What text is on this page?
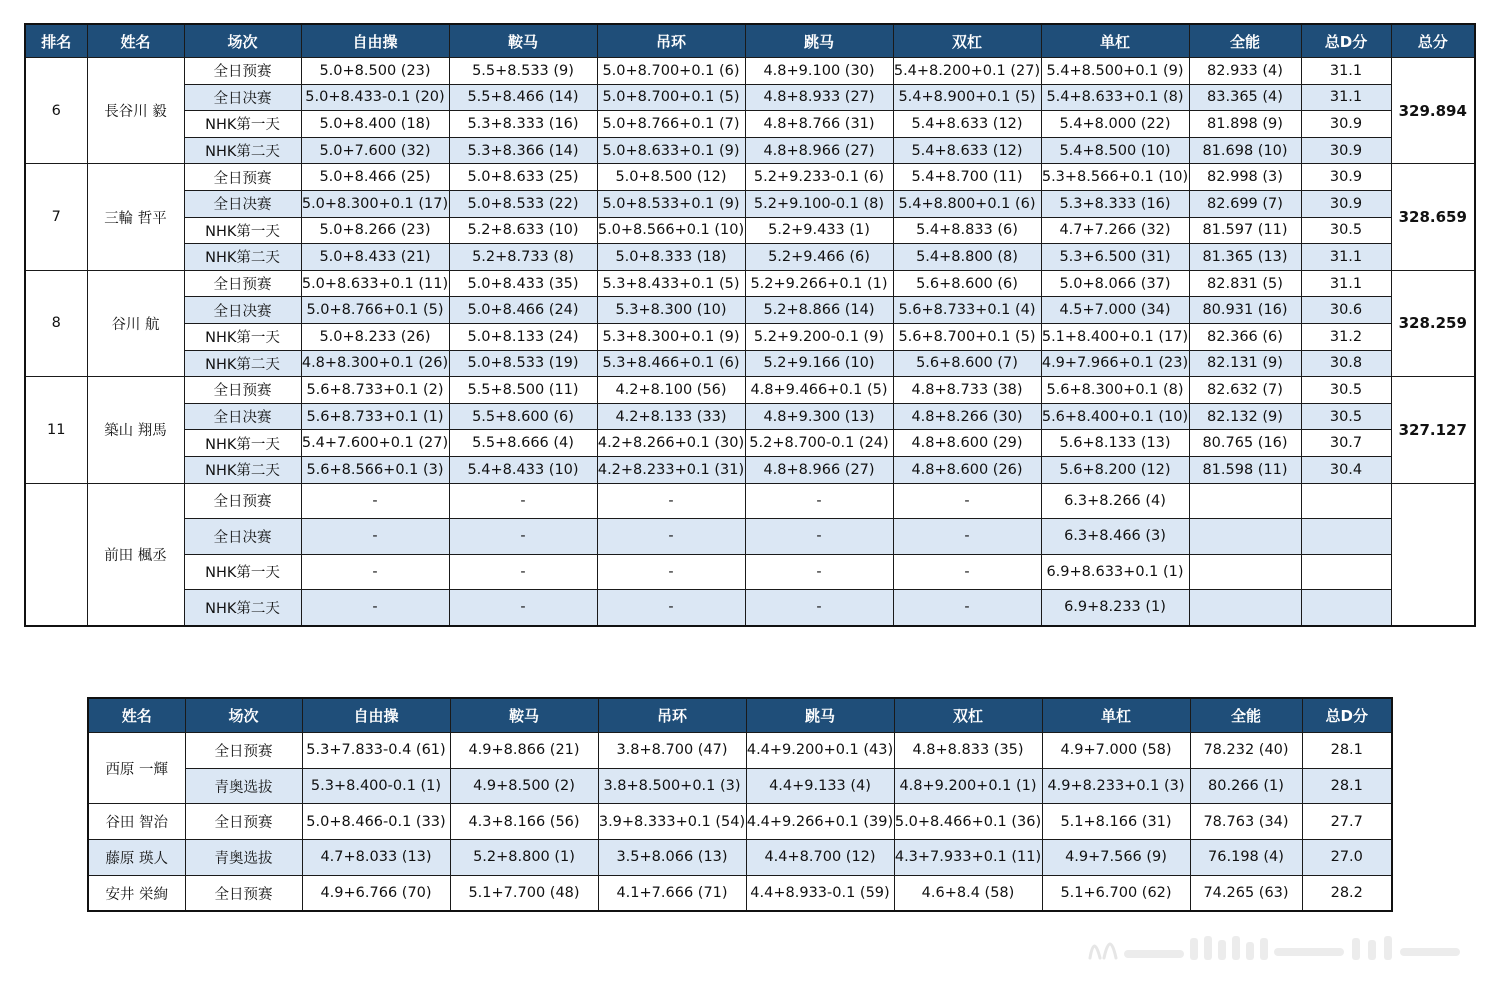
排名	姓名	场次	自由操	鞍马	吊环	跳马	双杠	单杠	全能	总D分	总分
6	長谷川 毅	全日预赛	5.0+8.500 (23)	5.5+8.533 (9)	5.0+8.700+0.1 (6)	4.8+9.100 (30)	5.4+8.200+0.1 (27)	5.4+8.500+0.1 (9)	82.933 (4)	31.1	329.894
		全日决赛	5.0+8.433-0.1 (20)	5.5+8.466 (14)	5.0+8.700+0.1 (5)	4.8+8.933 (27)	5.4+8.900+0.1 (5)	5.4+8.633+0.1 (8)	83.365 (4)	31.1	
		NHK第一天	5.0+8.400 (18)	5.3+8.333 (16)	5.0+8.766+0.1 (7)	4.8+8.766 (31)	5.4+8.633 (12)	5.4+8.000 (22)	81.898 (9)	30.9	
		NHK第二天	5.0+7.600 (32)	5.3+8.366 (14)	5.0+8.633+0.1 (9)	4.8+8.966 (27)	5.4+8.633 (12)	5.4+8.500 (10)	81.698 (10)	30.9	
7	三輪 哲平	全日预赛	5.0+8.466 (25)	5.0+8.633 (25)	5.0+8.500 (12)	5.2+9.233-0.1 (6)	5.4+8.700 (11)	5.3+8.566+0.1 (10)	82.998 (3)	30.9	328.659
		全日决赛	5.0+8.300+0.1 (17)	5.0+8.533 (22)	5.0+8.533+0.1 (9)	5.2+9.100-0.1 (8)	5.4+8.800+0.1 (6)	5.3+8.333 (16)	82.699 (7)	30.9	
		NHK第一天	5.0+8.266 (23)	5.2+8.633 (10)	5.0+8.566+0.1 (10)	5.2+9.433 (1)	5.4+8.833 (6)	4.7+7.266 (32)	81.597 (11)	30.5	
		NHK第二天	5.0+8.433 (21)	5.2+8.733 (8)	5.0+8.333 (18)	5.2+9.466 (6)	5.4+8.800 (8)	5.3+6.500 (31)	81.365 (13)	31.1	
8	谷川 航	全日预赛	5.0+8.633+0.1 (11)	5.0+8.433 (35)	5.3+8.433+0.1 (5)	5.2+9.266+0.1 (1)	5.6+8.600 (6)	5.0+8.066 (37)	82.831 (5)	31.1	328.259
		全日决赛	5.0+8.766+0.1 (5)	5.0+8.466 (24)	5.3+8.300 (10)	5.2+8.866 (14)	5.6+8.733+0.1 (4)	4.5+7.000 (34)	80.931 (16)	30.6	
		NHK第一天	5.0+8.233 (26)	5.0+8.133 (24)	5.3+8.300+0.1 (9)	5.2+9.200-0.1 (9)	5.6+8.700+0.1 (5)	5.1+8.400+0.1 (17)	82.366 (6)	31.2	
		NHK第二天	4.8+8.300+0.1 (26)	5.0+8.533 (19)	5.3+8.466+0.1 (6)	5.2+9.166 (10)	5.6+8.600 (7)	4.9+7.966+0.1 (23)	82.131 (9)	30.8	
11	築山 翔馬	全日预赛	5.6+8.733+0.1 (2)	5.5+8.500 (11)	4.2+8.100 (56)	4.8+9.466+0.1 (5)	4.8+8.733 (38)	5.6+8.300+0.1 (8)	82.632 (7)	30.5	327.127
		全日决赛	5.6+8.733+0.1 (1)	5.5+8.600 (6)	4.2+8.133 (33)	4.8+9.300 (13)	4.8+8.266 (30)	5.6+8.400+0.1 (10)	82.132 (9)	30.5	
		NHK第一天	5.4+7.600+0.1 (27)	5.5+8.666 (4)	4.2+8.266+0.1 (30)	5.2+8.700-0.1 (24)	4.8+8.600 (29)	5.6+8.133 (13)	80.765 (16)	30.7	
		NHK第二天	5.6+8.566+0.1 (3)	5.4+8.433 (10)	4.2+8.233+0.1 (31)	4.8+8.966 (27)	4.8+8.600 (26)	5.6+8.200 (12)	81.598 (11)	30.4	
	前田 楓丞	全日预赛	-	-	-	-	-	6.3+8.266 (4)			
		全日决赛	-	-	-	-	-	6.3+8.466 (3)			
		NHK第一天	-	-	-	-	-	6.9+8.633+0.1 (1)			
		NHK第二天	-	-	-	-	-	6.9+8.233 (1)			
姓名	场次	自由操	鞍马	吊环	跳马	双杠	单杠	全能	总D分
西原 一輝	全日预赛	5.3+7.833-0.4 (61)	4.9+8.866 (21)	3.8+8.700 (47)	4.4+9.200+0.1 (43)	4.8+8.833 (35)	4.9+7.000 (58)	78.232 (40)	28.1
	青奥选拔	5.3+8.400-0.1 (1)	4.9+8.500 (2)	3.8+8.500+0.1 (3)	4.4+9.133 (4)	4.8+9.200+0.1 (1)	4.9+8.233+0.1 (3)	80.266 (1)	28.1
谷田 智治	全日预赛	5.0+8.466-0.1 (33)	4.3+8.166 (56)	3.9+8.333+0.1 (54)	4.4+9.266+0.1 (39)	5.0+8.466+0.1 (36)	5.1+8.166 (31)	78.763 (34)	27.7
藤原 瑛人	青奥选拔	4.7+8.033 (13)	5.2+8.800 (1)	3.5+8.066 (13)	4.4+8.700 (12)	4.3+7.933+0.1 (11)	4.9+7.566 (9)	76.198 (4)	27.0
安井 栄絢	全日预赛	4.9+6.766 (70)	5.1+7.700 (48)	4.1+7.666 (71)	4.4+8.933-0.1 (59)	4.6+8.4 (58)	5.1+6.700 (62)	74.265 (63)	28.2
